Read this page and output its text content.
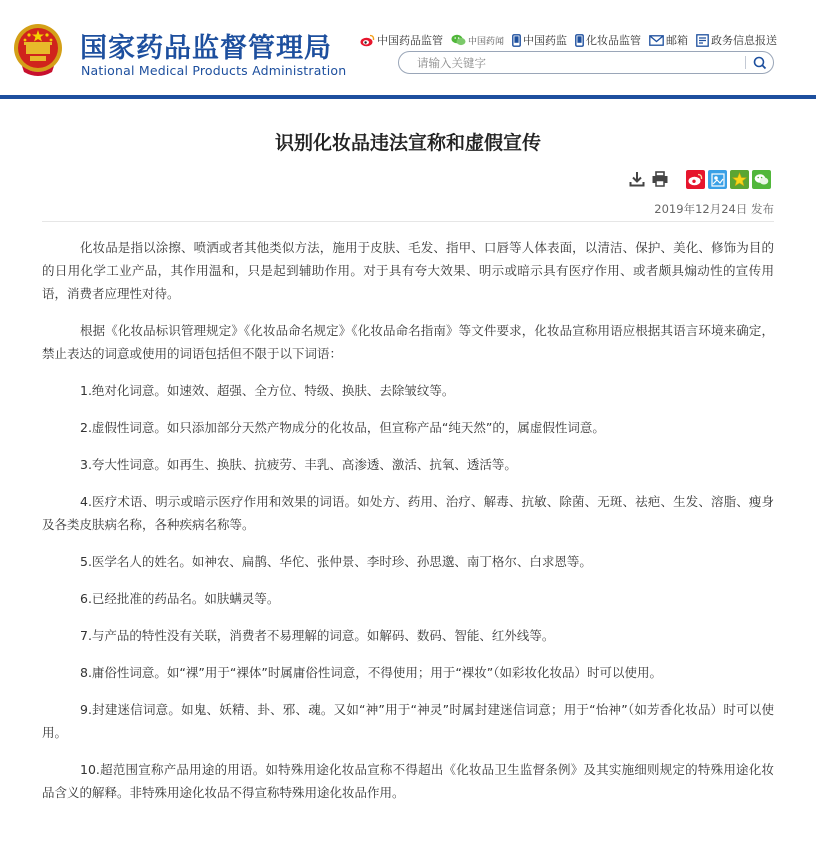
国家药品监督管理局
National Medical Products Administration
中国药品监管	中国药闻 中国药监 化妆品监管 邮箱 政务信息报送
请输入关键字
识别化妆品违法宣称和虚假宣传
2019年12月24日 发布

化妆品是指以涂擦、喷洒或者其他类似方法，施用于皮肤、毛发、指甲、口唇等人体表面，以清洁、保护、美化、修饰为目的的日用化学工业产品，其作用温和，只是起到辅助作用。对于具有夸大效果、明示或暗示具有医疗作用、或者颇具煽动性的宣传用语，消费者应理性对待。

根据《化妆品标识管理规定》《化妆品命名规定》《化妆品命名指南》等文件要求，化妆品宣称用语应根据其语言环境来确定，禁止表达的词意或使用的词语包括但不限于以下词语：

1.绝对化词意。如速效、超强、全方位、特级、换肤、去除皱纹等。

2.虚假性词意。如只添加部分天然产物成分的化妆品，但宣称产品“纯天然”的，属虚假性词意。

3.夸大性词意。如再生、换肤、抗疲劳、丰乳、高渗透、激活、抗氧、透活等。

4.医疗术语、明示或暗示医疗作用和效果的词语。如处方、药用、治疗、解毒、抗敏、除菌、无斑、祛疤、生发、溶脂、瘦身及各类皮肤病名称，各种疾病名称等。

5.医学名人的姓名。如神农、扁鹊、华佗、张仲景、李时珍、孙思邈、南丁格尔、白求恩等。

6.已经批准的药品名。如肤螨灵等。

7.与产品的特性没有关联，消费者不易理解的词意。如解码、数码、智能、红外线等。

8.庸俗性词意。如“裸”用于“裸体”时属庸俗性词意，不得使用；用于“裸妆”（如彩妆化妆品）时可以使用。

9.封建迷信词意。如鬼、妖精、卦、邪、魂。又如“神”用于“神灵”时属封建迷信词意；用于“怡神”（如芳香化妆品）时可以使用。

10.超范围宣称产品用途的用语。如特殊用途化妆品宣称不得超出《化妆品卫生监督条例》及其实施细则规定的特殊用途化妆品含义的解释。非特殊用途化妆品不得宣称特殊用途化妆品作用。
